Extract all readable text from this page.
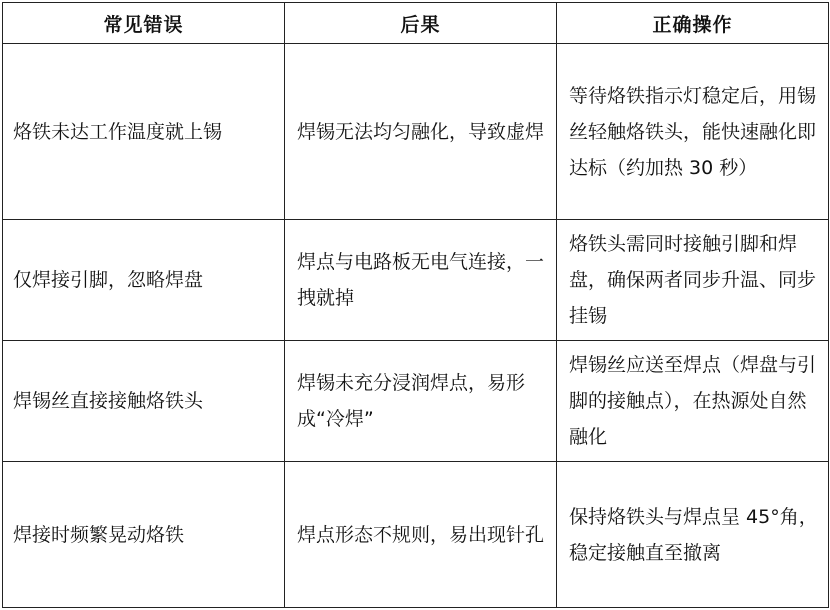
常见错误	后果	正确操作
烙铁未达工作温度就上锡	焊锡无法均匀融化，导致虚焊	等待烙铁指示灯稳定后，用锡丝轻触烙铁头，能快速融化即达标（约加热 30 秒）
仅焊接引脚，忽略焊盘	焊点与电路板无电气连接，一拽就掉	烙铁头需同时接触引脚和焊盘，确保两者同步升温、同步挂锡
焊锡丝直接接触烙铁头	焊锡未充分浸润焊点，易形成“冷焊”	焊锡丝应送至焊点（焊盘与引脚的接触点），在热源处自然融化
焊接时频繁晃动烙铁	焊点形态不规则，易出现针孔	保持烙铁头与焊点呈 45°角，稳定接触直至撤离
